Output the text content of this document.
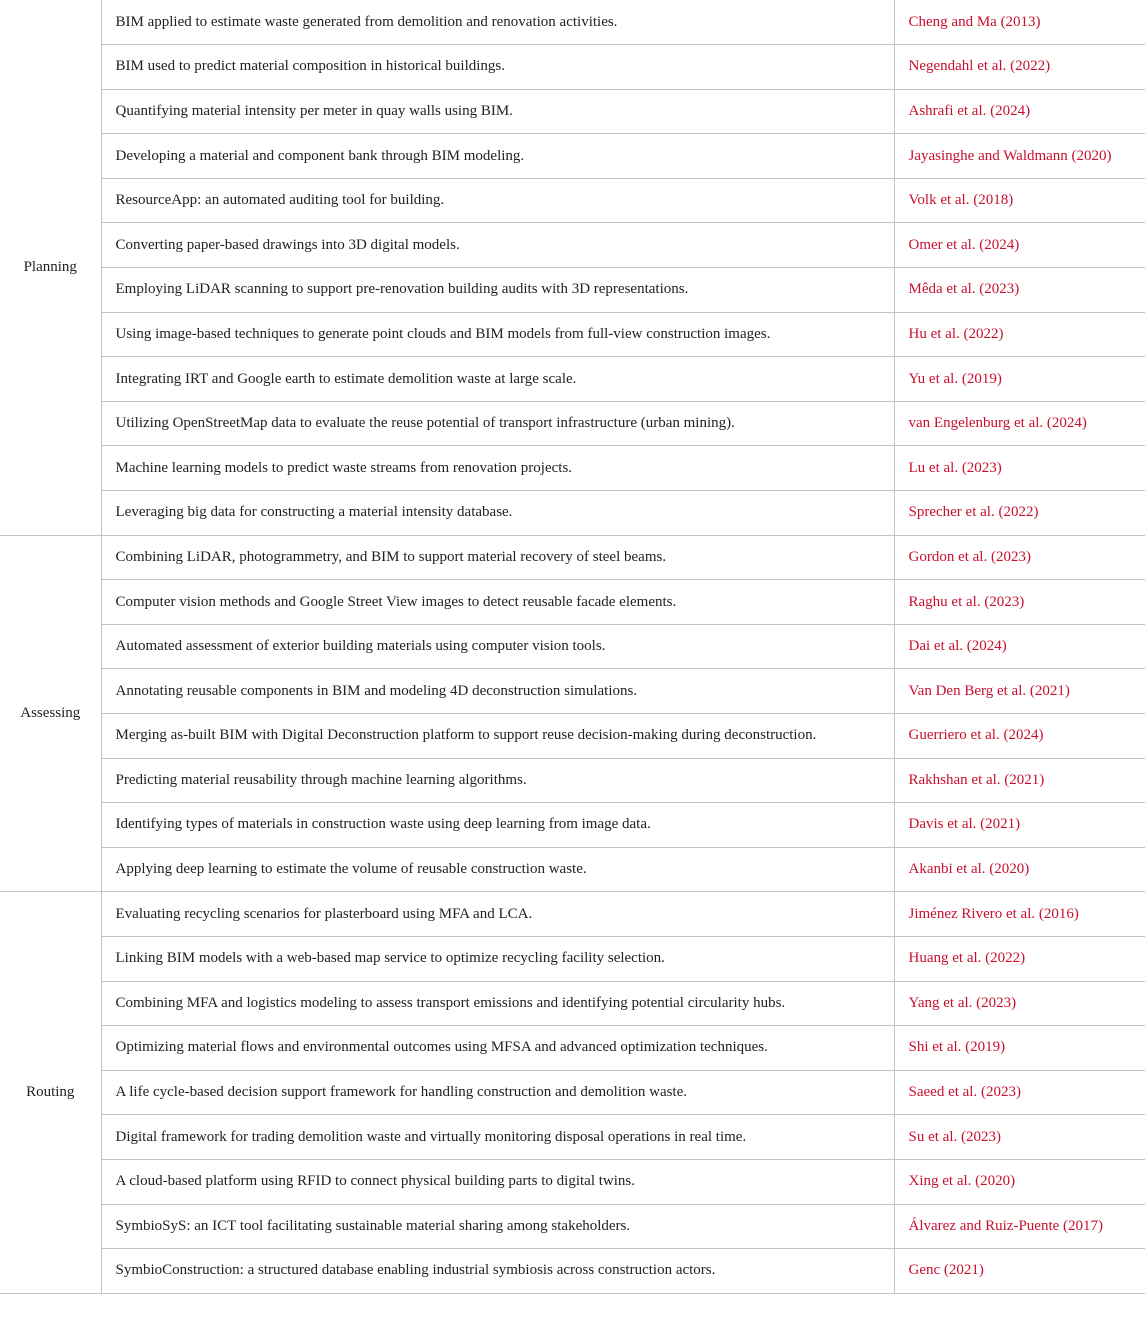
Planning	BIM applied to estimate waste generated from demolition and renovation activities.	Cheng and Ma (2013)
	BIM used to predict material composition in historical buildings.	Negendahl et al. (2022)
	Quantifying material intensity per meter in quay walls using BIM.	Ashrafi et al. (2024)
	Developing a material and component bank through BIM modeling.	Jayasinghe and Waldmann (2020)
	ResourceApp: an automated auditing tool for building.	Volk et al. (2018)
	Converting paper-based drawings into 3D digital models.	Omer et al. (2024)
	Employing LiDAR scanning to support pre-renovation building audits with 3D representations.	Mêda et al. (2023)
	Using image-based techniques to generate point clouds and BIM models from full-view construction images.	Hu et al. (2022)
	Integrating IRT and Google earth to estimate demolition waste at large scale.	Yu et al. (2019)
	Utilizing OpenStreetMap data to evaluate the reuse potential of transport infrastructure (urban mining).	van Engelenburg et al. (2024)
	Machine learning models to predict waste streams from renovation projects.	Lu et al. (2023)
	Leveraging big data for constructing a material intensity database.	Sprecher et al. (2022)
Assessing	Combining LiDAR, photogrammetry, and BIM to support material recovery of steel beams.	Gordon et al. (2023)
	Computer vision methods and Google Street View images to detect reusable facade elements.	Raghu et al. (2023)
	Automated assessment of exterior building materials using computer vision tools.	Dai et al. (2024)
	Annotating reusable components in BIM and modeling 4D deconstruction simulations.	Van Den Berg et al. (2021)
	Merging as-built BIM with Digital Deconstruction platform to support reuse decision-making during deconstruction.	Guerriero et al. (2024)
	Predicting material reusability through machine learning algorithms.	Rakhshan et al. (2021)
	Identifying types of materials in construction waste using deep learning from image data.	Davis et al. (2021)
	Applying deep learning to estimate the volume of reusable construction waste.	Akanbi et al. (2020)
Routing	Evaluating recycling scenarios for plasterboard using MFA and LCA.	Jiménez Rivero et al. (2016)
	Linking BIM models with a web-based map service to optimize recycling facility selection.	Huang et al. (2022)
	Combining MFA and logistics modeling to assess transport emissions and identifying potential circularity hubs.	Yang et al. (2023)
	Optimizing material flows and environmental outcomes using MFSA and advanced optimization techniques.	Shi et al. (2019)
	A life cycle-based decision support framework for handling construction and demolition waste.	Saeed et al. (2023)
	Digital framework for trading demolition waste and virtually monitoring disposal operations in real time.	Su et al. (2023)
	A cloud-based platform using RFID to connect physical building parts to digital twins.	Xing et al. (2020)
	SymbioSyS: an ICT tool facilitating sustainable material sharing among stakeholders.	Álvarez and Ruiz-Puente (2017)
	SymbioConstruction: a structured database enabling industrial symbiosis across construction actors.	Genc (2021)
